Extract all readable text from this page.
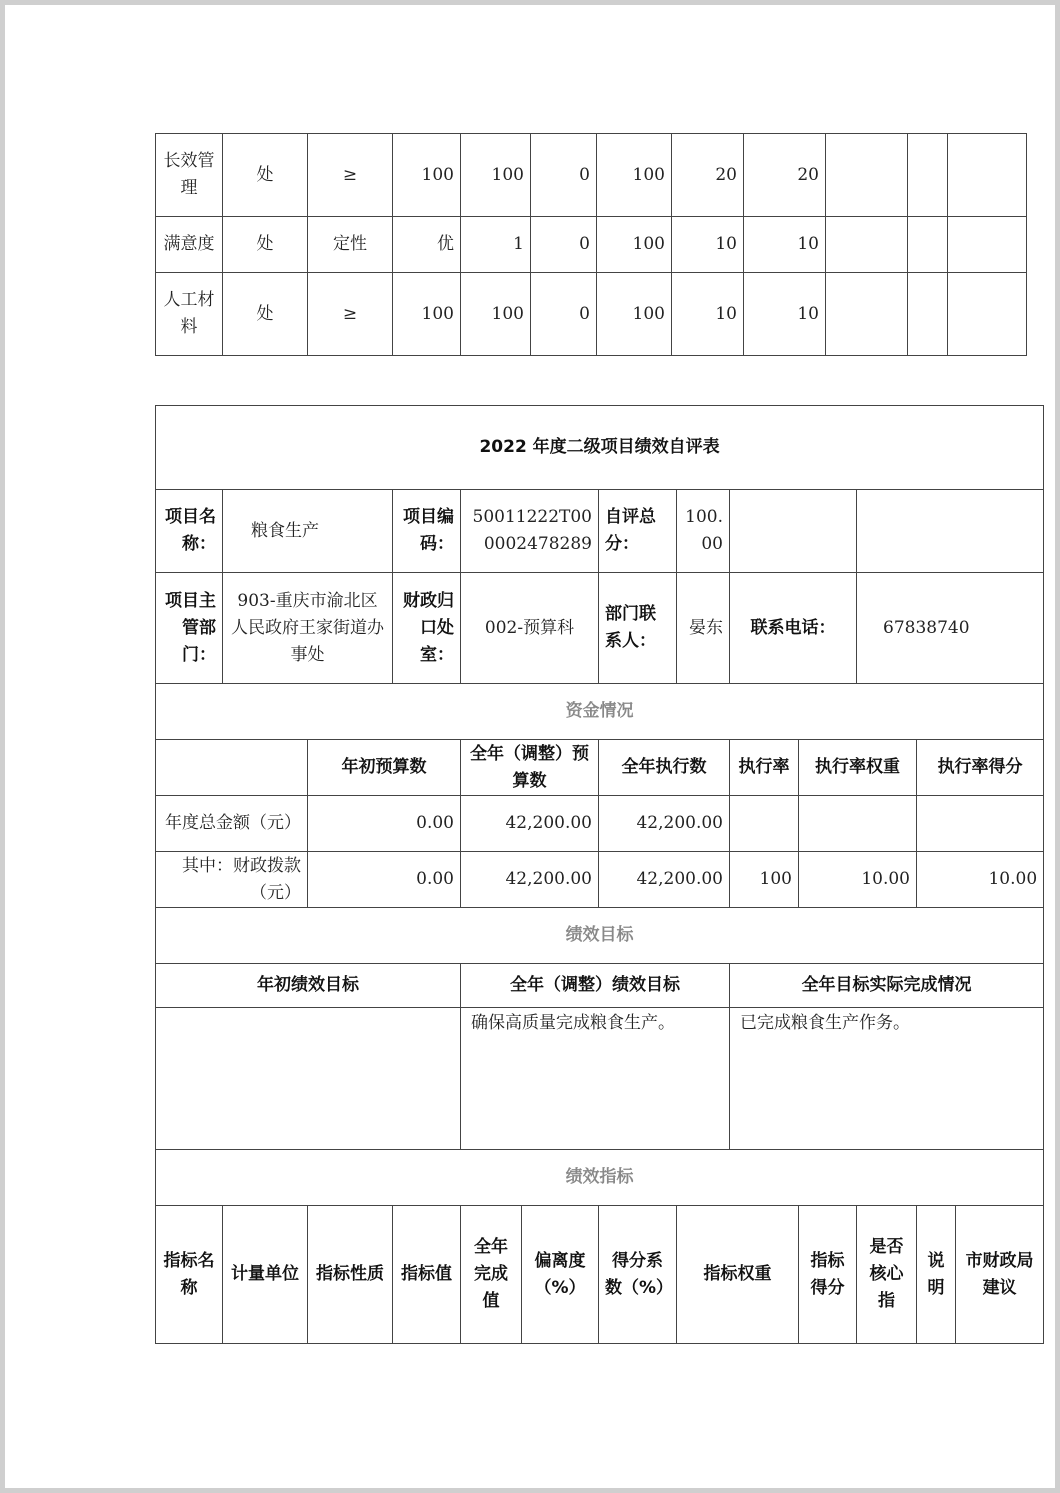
长效管理	处	≥	100	100	0	100	20	20			
满意度	处	定性	优	1	0	100	10	10			
人工材料	处	≥	100	100	0	100	10	10			
2022 年度二级项目绩效自评表												
项目名称：	粮食生产		项目编码：	50011222T000002478289		自评总分：	100.00					
项目主管部门：	903-重庆市渝北区人民政府王家街道办事处		财政归口处室：	002-预算科		部门联系人：	晏东	联系电话：		67838740		
资金情况												
		年初预算数		全年（调整）预算数		全年执行数		执行率	执行率权重		执行率得分	
年度总金额（元）		0.00		42,200.00		42,200.00						
其中：财政拨款（元）		0.00		42,200.00		42,200.00		100	10.00		10.00	
绩效目标												
年初绩效目标				全年（调整）绩效目标				全年目标实际完成情况				
				确保高质量完成粮食生产。				已完成粮食生产作务。				
绩效指标												
指标名称	计量单位	指标性质	指标值	全年完成值	偏离度（%）	得分系数（%）	指标权重		指标得分	是否核心指	说明	市财政局建议
